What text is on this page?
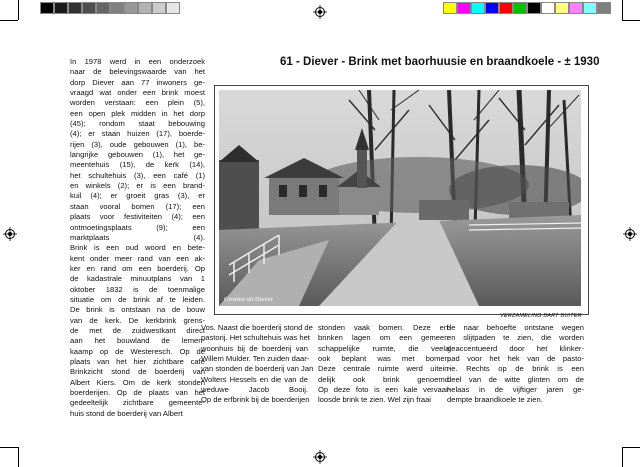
61 - Diever - Brink met baorhuusie en braandkoele - ± 1930
Groeten uit Diever
VERZAMELING BART BUITER
In 1978 werd in een onderzoek
naar de belevingswaarde van het
dorp Diever aan 77 inwoners ge-
vraagd wat onder een brink moest
worden verstaan: een plein (5),
een open plek midden in het dorp
(45); rondom staat bebouwing
(4); er staan huizen (17), boerde-
rijen (3), oude gebouwen (1), be-
langrijke gebouwen (1), het ge-
meentehuis (15), de kerk (14),
het schultehuis (3), een café (1)
en winkels (2); er is een brand-
kuil (4); er groeit gras (3), er
staan vooral bomen (17); een
plaats voor festiviteiten (4); een
ontmoetingsplaats (9); een
marktplaats (4).
Brink is een oud woord en bete-
kent onder meer rand van een ak-
ker en rand om een boerderij. Op
de kadastrale minuutplans van 1
oktober 1832 is de toenmalige
situatie om de brink af te leiden.
De brink is ontstaan na de bouw
van de kerk. De kerkbrink grens-
de met de zuidwestkant direct
aan het bouwland de lemen-
kaamp op de Westeresch. Op de
plaats van het hier zichtbare café
Brinkzicht stond de boerderij van
Albert Kiers. Om de kerk stonden
boerderijen. Op de plaats van het
gedeeltelijk zichtbare gemeente-
huis stond de boerderij van Albert
Vos. Naast die boerderij stond de
pastorij. Het schultehuis was het
woonhuis bij de boerderij van
Willem Mulder. Ten zuiden daar-
van stonden de boerderij van Jan
Wolters Hessels en die van de
weduwe Jacob Booij.
Op de erfbrink bij de boerderijen
stonden vaak bomen. Deze erf-
brinken lagen om een gemeen-
schappelijke ruimte, die veelal
ook beplant was met bomen.
Deze centrale ruimte werd uitein-
delijk ook brink genoemd.
Op deze foto is een kale vervaar-
loosde brink te zien. Wel zijn fraai
de naar behoefte ontstane wegen
en slijtpaden te zien, die worden
geaccentueerd door het klinker-
pad voor het hek van de pasto-
rie. Rechts op de brink is een
deel van de witte glinten om de
helaas in de vijftiger jaren ge-
dempte braandkoele te zien.
